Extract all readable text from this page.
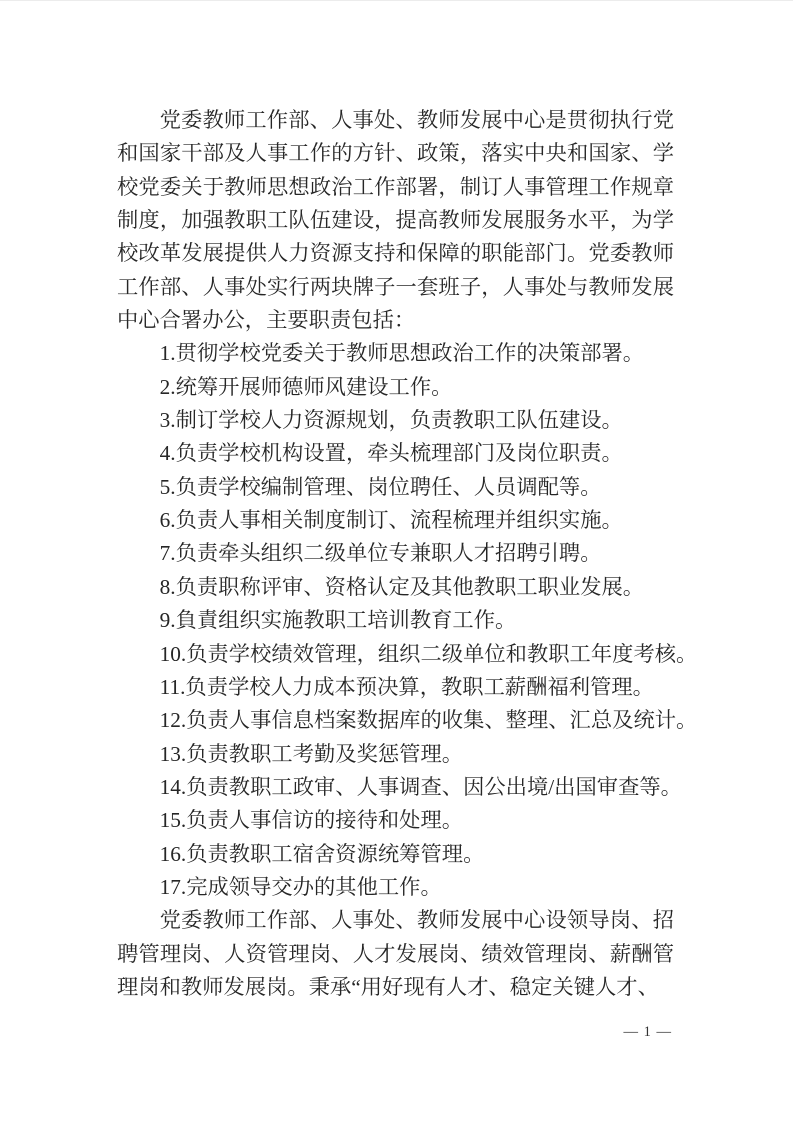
党委教师工作部、人事处、教师发展中心是贯彻执行党和国家干部及人事工作的方针、政策，落实中央和国家、学校党委关于教师思想政治工作部署，制订人事管理工作规章制度，加强教职工队伍建设，提高教师发展服务水平，为学校改革发展提供人力资源支持和保障的职能部门。党委教师工作部、人事处实行两块牌子一套班子，人事处与教师发展中心合署办公，主要职责包括：

1.贯彻学校党委关于教师思想政治工作的决策部署。

2.统筹开展师德师风建设工作。

3.制订学校人力资源规划，负责教职工队伍建设。

4.负责学校机构设置，牵头梳理部门及岗位职责。

5.负责学校编制管理、岗位聘任、人员调配等。

6.负责人事相关制度制订、流程梳理并组织实施。

7.负责牵头组织二级单位专兼职人才招聘引聘。

8.负责职称评审、资格认定及其他教职工职业发展。

9.負責组织实施教职工培训教育工作。

10.负责学校绩效管理，组织二级单位和教职工年度考核。

11.负责学校人力成本预决算，教职工薪酬福利管理。

12.负责人事信息档案数据库的收集、整理、汇总及统计。

13.负责教职工考勤及奖惩管理。

14.负责教职工政审、人事调查、因公出境/出国审查等。

15.负责人事信访的接待和处理。

16.负责教职工宿舍资源统筹管理。

17.完成领导交办的其他工作。

党委教师工作部、人事处、教师发展中心设领导岗、招聘管理岗、人资管理岗、人才发展岗、绩效管理岗、薪酬管理岗和教师发展岗。秉承“用好现有人才、稳定关键人才、

— 1 —
